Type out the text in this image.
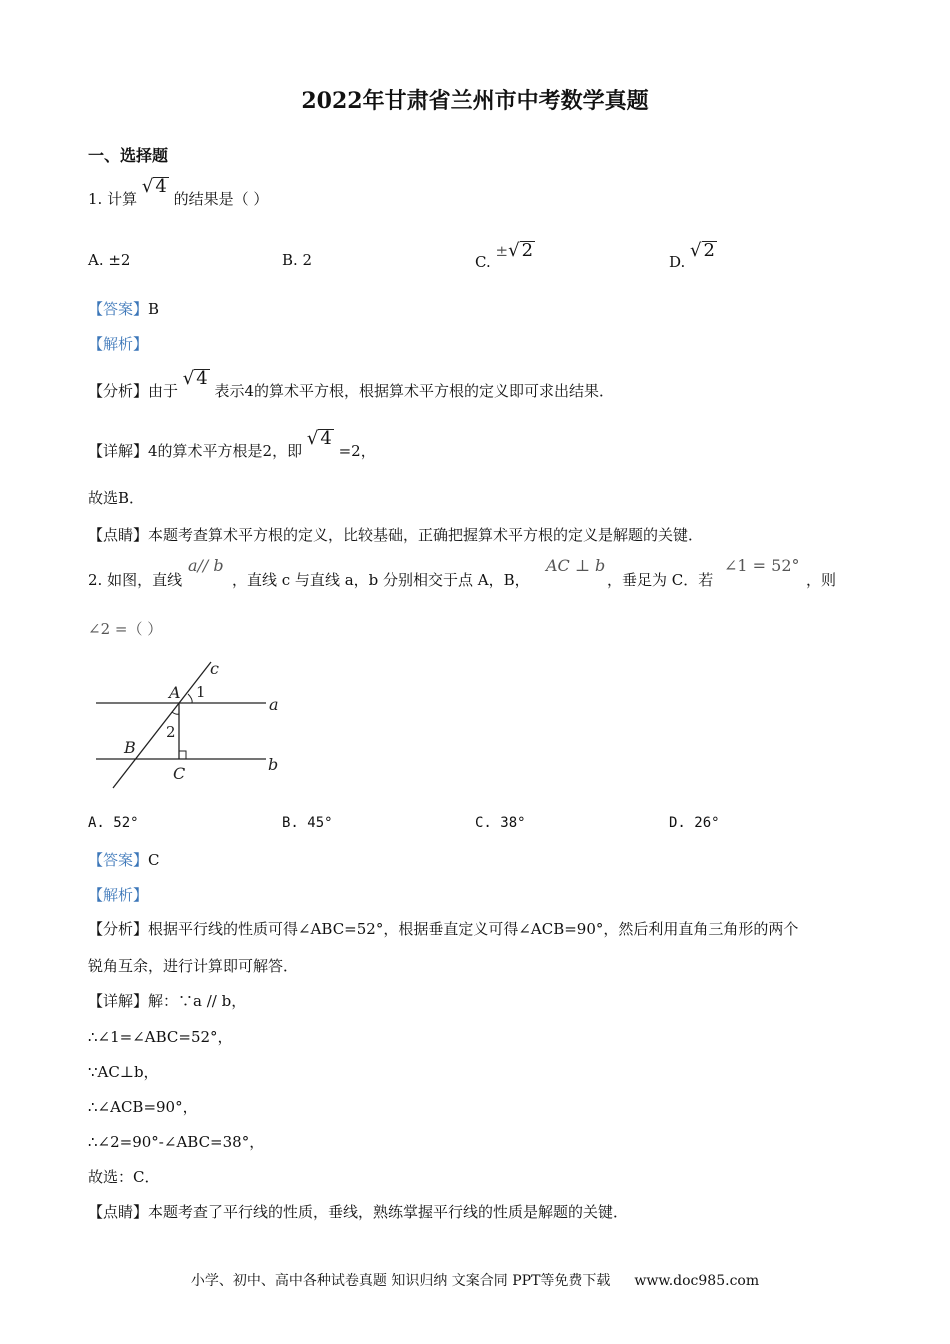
2022年甘肃省兰州市中考数学真题
一、选择题
1. 计算 √ 4 的结果是（ ）
A. ±2	B. 2	C. ±√ 2
D. √ 2
【答案】B
【解析】
【分析】由于 √ 4 表示4的算术平方根，根据算术平方根的定义即可求出结果．
【详解】4的算术平方根是2，即 √ 4 =2，
故选B．
【点睛】本题考查算术平方根的定义，比较基础，正确把握算术平方根的定义是解题的关键．
2. 如图，直线
a// b
，直线 c 与直线 a，b 分别相交于点 A，B，
AC ⊥ b
，垂足为 C．若
∠1 = 52°
，则
∠2 =（ ）
c
a
b
A
B
C
1
2
A. 52°	B. 45°	C. 38°	D. 26°
【答案】C
【解析】
【分析】根据平行线的性质可得∠ABC=52°，根据垂直定义可得∠ACB=90°，然后利用直角三角形的两个
锐角互余，进行计算即可解答．
【详解】解：∵a // b，
∴∠1=∠ABC=52°，
∵AC⊥b，
∴∠ACB=90°，
∴∠2=90°-∠ABC=38°，
故选：C．
【点睛】本题考查了平行线的性质，垂线，熟练掌握平行线的性质是解题的关键．
小学、初中、高中各种试卷真题 知识归纳 文案合同 PPT等免费下载 www.doc985.com
